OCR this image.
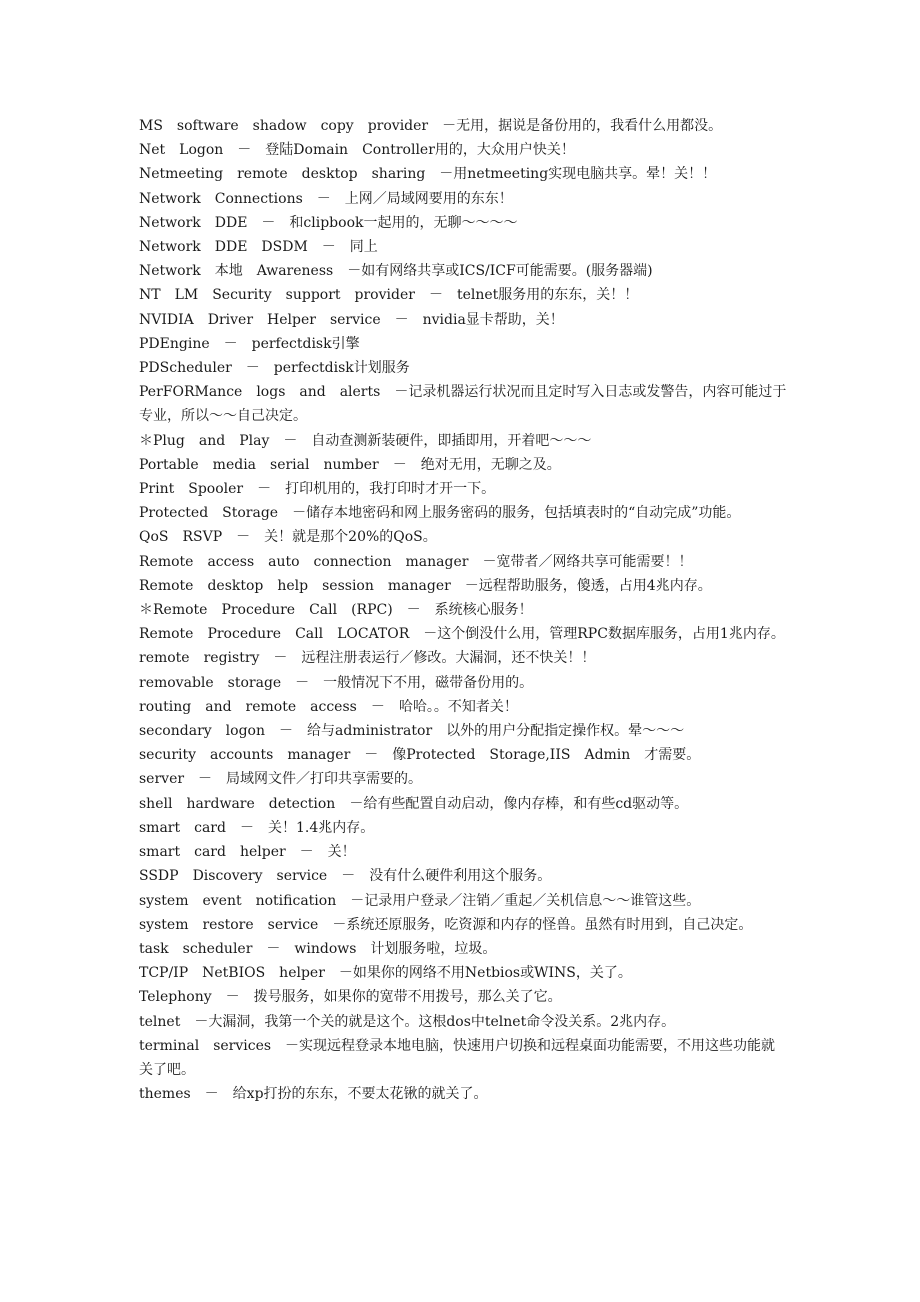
MS　software　shadow　copy　provider　－无用，据说是备份用的，我看什么用都没。

Net　Logon　－　登陆Domain　Controller用的，大众用户快关！

Netmeeting　remote　desktop　sharing　－用netmeeting实现电脑共享。晕！关！！

Network　Connections　－　上网／局域网要用的东东！

Network　DDE　－　和clipbook一起用的，无聊～～～～

Network　DDE　DSDM　－　同上

Network　本地　Awareness　－如有网络共享或ICS/ICF可能需要。(服务器端)

NT　LM　Security　support　provider　－　telnet服务用的东东，关！！

NVIDIA　Driver　Helper　service　－　nvidia显卡帮助，关！

PDEngine　－　perfectdisk引擎

PDScheduler　－　perfectdisk计划服务

PerFORMance　logs　and　alerts　－记录机器运行状况而且定时写入日志或发警告，内容可能过于专业，所以～～自己决定。

＊Plug　and　Play　－　自动查测新装硬件，即插即用，开着吧～～～

Portable　media　serial　number　－　绝对无用，无聊之及。

Print　Spooler　－　打印机用的，我打印时才开一下。

Protected　Storage　－储存本地密码和网上服务密码的服务，包括填表时的“自动完成”功能。

QoS　RSVP　－　关！就是那个20%的QoS。

Remote　access　auto　connection　manager　－宽带者／网络共享可能需要！！

Remote　desktop　help　session　manager　－远程帮助服务，傻透，占用4兆内存。

＊Remote　Procedure　Call　(RPC)　－　系统核心服务！

Remote　Procedure　Call　LOCATOR　－这个倒没什么用，管理RPC数据库服务，占用1兆内存。

remote　registry　－　远程注册表运行／修改。大漏洞，还不快关！！

removable　storage　－　一般情况下不用，磁带备份用的。

routing　and　remote　access　－　哈哈。。不知者关！

secondary　logon　－　给与administrator　以外的用户分配指定操作权。晕～～～

security　accounts　manager　－　像Protected　Storage,IIS　Admin　才需要。

server　－　局域网文件／打印共享需要的。

shell　hardware　detection　－给有些配置自动启动，像内存棒，和有些cd驱动等。

smart　card　－　关！1.4兆内存。

smart　card　helper　－　关！

SSDP　Discovery　service　－　没有什么硬件利用这个服务。

system　event　notification　－记录用户登录／注销／重起／关机信息～～谁管这些。

system　restore　service　－系统还原服务，吃资源和内存的怪兽。虽然有时用到，自己决定。

task　scheduler　－　windows　计划服务啦，垃圾。

TCP/IP　NetBIOS　helper　－如果你的网络不用Netbios或WINS，关了。

Telephony　－　拨号服务，如果你的宽带不用拨号，那么关了它。

telnet　－大漏洞，我第一个关的就是这个。这根dos中telnet命令没关系。2兆内存。

terminal　services　－实现远程登录本地电脑，快速用户切换和远程桌面功能需要，不用这些功能就关了吧。

themes　－　给xp打扮的东东，不要太花锹的就关了。
